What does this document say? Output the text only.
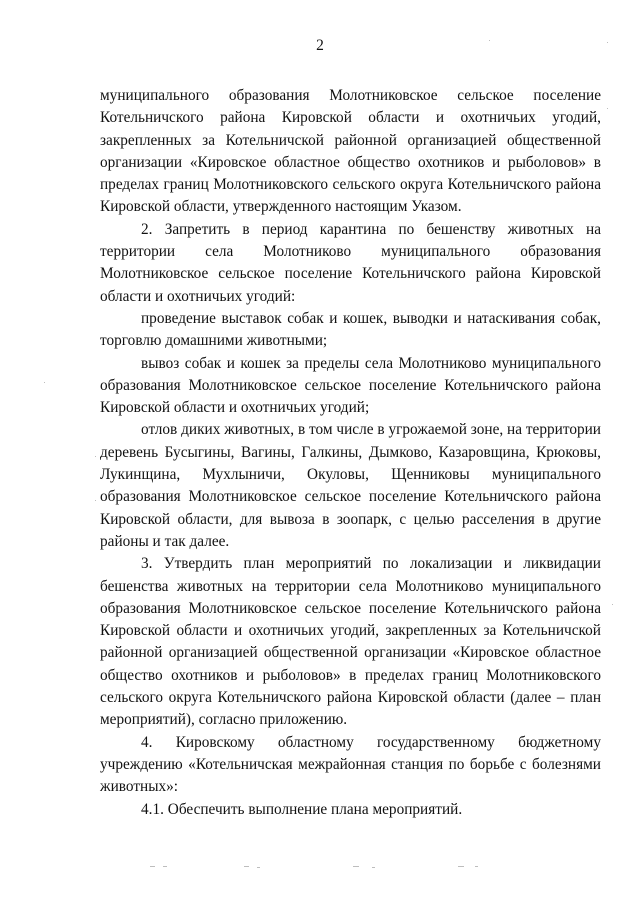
2

муниципального образования Молотниковское сельское поселение Котельничского района Кировской области и охотничьих угодий, закрепленных за Котельничской районной организацией общественной организации «Кировское областное общество охотников и рыболовов» в пределах границ Молотниковского сельского округа Котельничского района Кировской области, утвержденного настоящим Указом.

2. Запретить в период карантина по бешенству животных на территории села Молотниково муниципального образования Молотниковское сельское поселение Котельничского района Кировской области и охотничьих угодий:

проведение выставок собак и кошек, выводки и натаскивания собак, торговлю домашними животными;

вывоз собак и кошек за пределы села Молотниково муниципального образования Молотниковское сельское поселение Котельничского района Кировской области и охотничьих угодий;

отлов диких животных, в том числе в угрожаемой зоне, на территории деревень Бусыгины, Вагины, Галкины, Дымково, Казаровщина, Крюковы, Лукинщина, Мухлыничи, Окуловы, Щенниковы муниципального образования Молотниковское сельское поселение Котельничского района Кировской области, для вывоза в зоопарк, с целью расселения в другие районы и так далее.

3. Утвердить план мероприятий по локализации и ликвидации бешенства животных на территории села Молотниково муниципального образования Молотниковское сельское поселение Котельничского района Кировской области и охотничьих угодий, закрепленных за Котельничской районной организацией общественной организации «Кировское областное общество охотников и рыболовов» в пределах границ Молотниковского сельского округа Котельничского района Кировской области (далее – план мероприятий), согласно приложению.

4. Кировскому областному государственному бюджетному учреждению «Котельничская межрайонная станция по борьбе с болезнями животных»:

4.1. Обеспечить выполнение плана мероприятий.
